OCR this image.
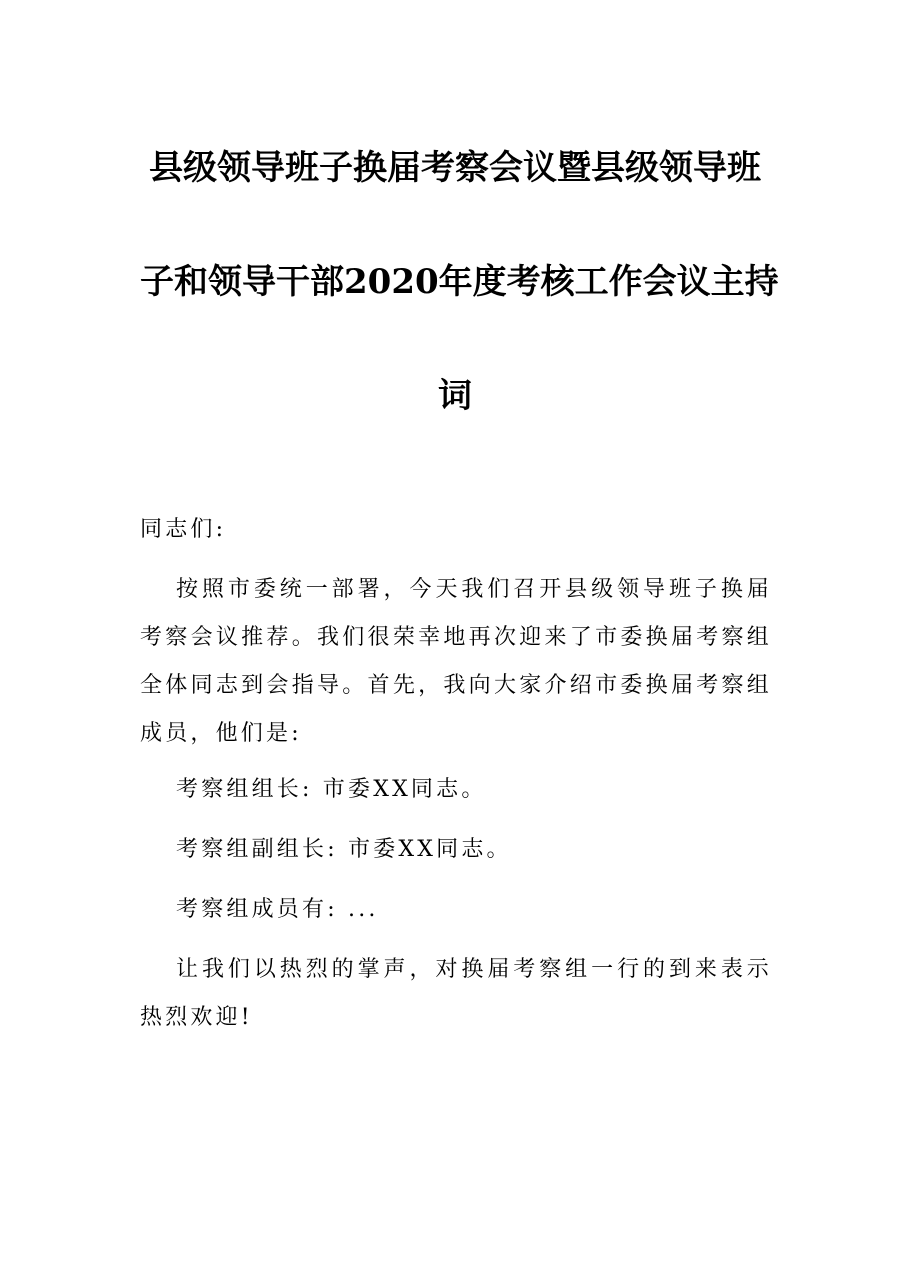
县级领导班子换届考察会议暨县级领导班
子和领导干部2020年度考核工作会议主持
词

同志们:

按照市委统一部署，今天我们召开县级领导班子换届考察会议推荐。我们很荣幸地再次迎来了市委换届考察组全体同志到会指导。首先，我向大家介绍市委换届考察组成员，他们是:

考察组组长: 市委XX同志。

考察组副组长: 市委XX同志。

考察组成员有: ...

让我们以热烈的掌声，对换届考察组一行的到来表示热烈欢迎!
